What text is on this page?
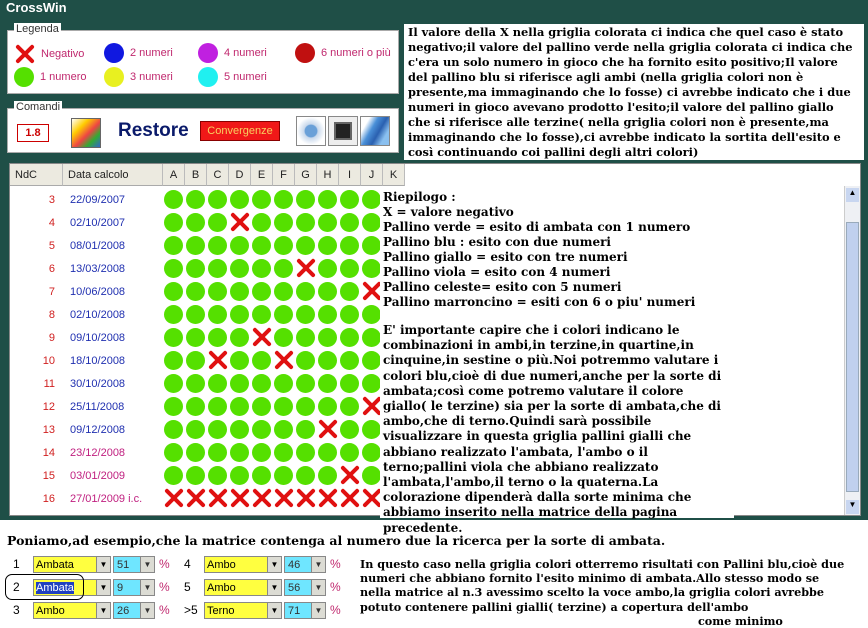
CrossWin
Legenda
Negativo	2 numeri	4 numeri	6 numeri o più
1 numero	3 numeri	5 numeri
Comandi
1.8	Restore	Convergenze
Il valore della X nella griglia colorata ci indica che quel caso è stato negativo;il valore del pallino verde nella griglia colorata ci indica che c'era un solo numero in gioco che ha fornito esito positivo;Il valore del pallino blu si riferisce agli ambi (nella griglia colori non è presente,ma immaginando che lo fosse) ci avrebbe indicato che i due numeri in gioco avevano prodotto l'esito;il valore del pallino giallo che si riferisce alle terzine( nella griglia colori non è presente,ma immaginando che lo fosse),ci avrebbe indicato la sortita dell'esito e così continuando coi pallini degli altri colori)
NdC	Data calcolo	A	B	C	D	E	F	G	H	I	J	K
3 22/09/2007
4 02/10/2007
5 08/01/2008
6 13/03/2008
7 10/06/2008
8 02/10/2008
9 09/10/2008
10 18/10/2008
11 30/10/2008
12 25/11/2008
13 09/12/2008
14 23/12/2008
15 03/01/2009
16 27/01/2009 i.c.
▲
▼
Riepilogo :
X = valore negativo
Pallino verde = esito di ambata con 1 numero
Pallino blu : esito con due numeri
Pallino giallo = esito con tre numeri
Pallino viola = esito con 4 numeri
Pallino celeste= esito con 5 numeri
Pallino marroncino = esiti con 6 o piu' numeri
E' importante capire che i colori indicano le combinazioni in ambi,in terzine,in quartine,in cinquine,in sestine o più.Noi potremmo valutare i colori blu,cioè di due numeri,anche per la sorte di ambata;così come potremo valutare il colore giallo( le terzine) sia per la sorte di ambata,che di ambo,che di terno.Quindi sarà possibile visualizzare in questa griglia pallini gialli che abbiano realizzato l'ambata, l'ambo o il terno;pallini viola che abbiano realizzato l'ambata,l'ambo,il terno o la quaterna.La colorazione dipenderà dalla sorte minima che abbiamo inserito nella matrice della pagina precedente.
Poniamo,ad esempio,che la matrice contenga al numero due la ricerca per la sorte di ambata.
1 Ambata	▼ 51	▼ %
2 Ambata	▼ 9	▼ %
3 Ambo	▼ 26	▼ %
4 Ambo	▼ 46	▼ %
5 Ambo	▼ 56	▼ %
>5 Terno	▼ 71	▼ %
In questo caso nella griglia colori otterremo risultati con Pallini blu,cioè due numeri che abbiano fornito l'esito minimo di ambata.Allo stesso modo se nella matrice al n.3 avessimo scelto la voce ambo,la griglia colori avrebbe potuto contenere pallini gialli( terzine) a copertura dell'ambo
come minimo
